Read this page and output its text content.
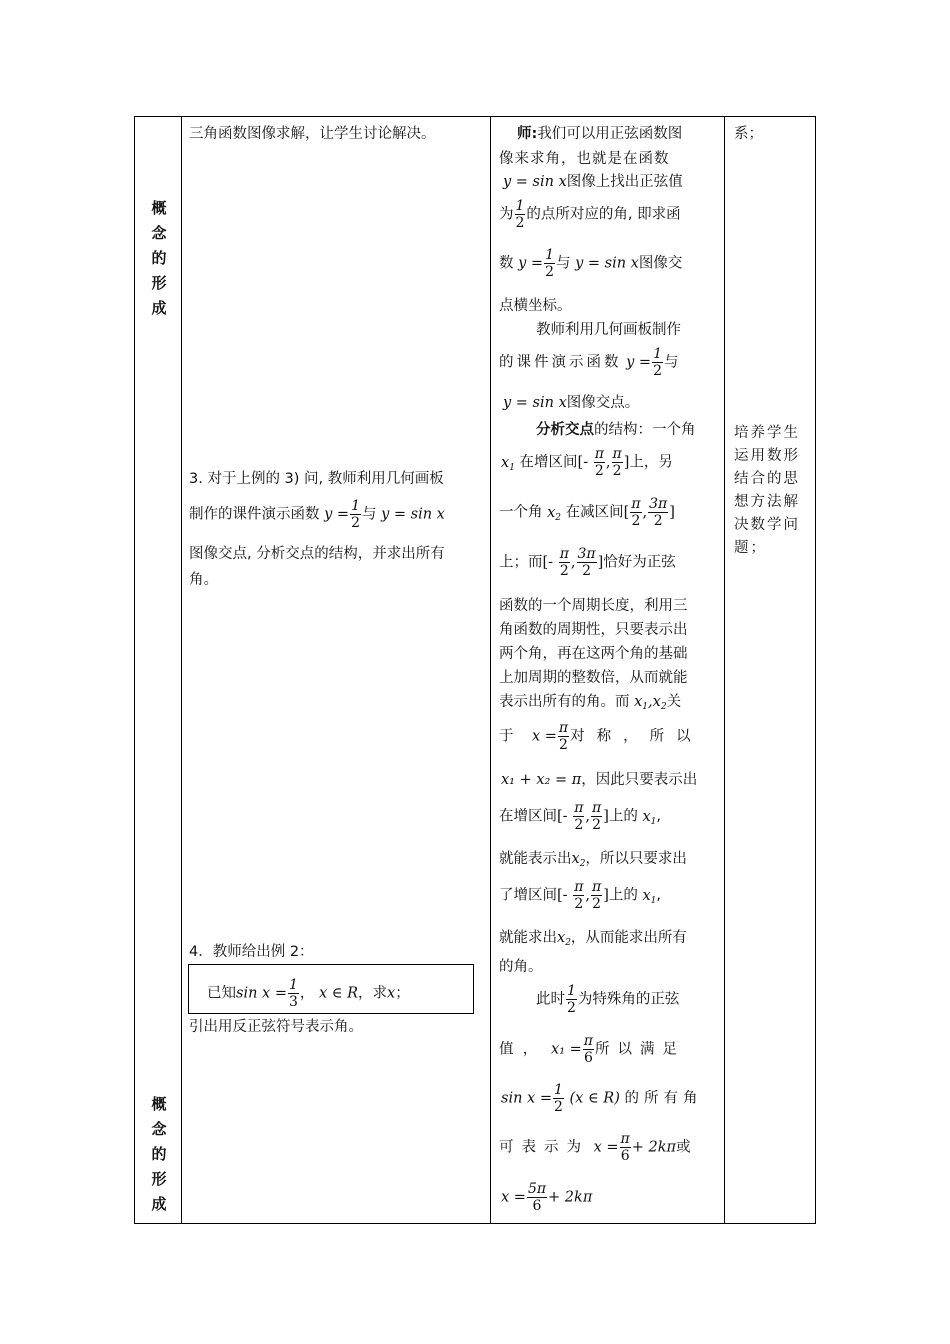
概
念
的
形
成
概
念
的
形
成
三角函数图像求解，让学生讨论解决。
3. 对于上例的 3) 问, 教师利用几何画板
制作的课件演示函数 $y = \frac{1}{2}$ 与 y = sin x
图像交点, 分析交点的结构，并求出所有
角。
4．教师给出例 2：
已知$\sin x = \frac{1}{3}$ ， x ∈ R，求x；
引出用反正弦符号表示角。
师:我们可以用正弦函数图
像来求角，也就是在函数
y = sin x图像上找出正弦值
为 $\frac{1}{2}$ 的点所对应的角, 即求函
数 $y = \frac{1}{2}$ 与 y = sin x图像交
点横坐标。
教师利用几何画板制作
的课件演示函数 $y = \frac{1}{2}$ 与
y = sin x图像交点。
分析交点的结构：一个角
$x_1$ 在增区间[- $\frac{\pi}{2}$ , $\frac{\pi}{2}$ ]上，另
一个角 $x_2$ 在减区间[ $\frac{\pi}{2}$ , $\frac{3\pi}{2}$ ]
上；而[- $\frac{\pi}{2}$ , $\frac{3\pi}{2}$ ]恰好为正弦
函数的一个周期长度，利用三
角函数的周期性，只要表示出
两个角，再在这两个角的基础
上加周期的整数倍，从而就能
表示出所有的角。而 $x_1,x_2$关
于 $x = \frac{\pi}{2}$ 对称，所以
x₁ + x₂ = π，因此只要表示出
在增区间[- $\frac{\pi}{2}$ , $\frac{\pi}{2}$ ]上的 $x_1$,
就能表示出$x_2$，所以只要求出
了增区间[- $\frac{\pi}{2}$ , $\frac{\pi}{2}$ ]上的 $x_1$,
就能求出$x_2$，从而能求出所有
的角。
此时 $\frac{1}{2}$ 为特殊角的正弦
值  ，   $x_1 = \frac{\pi}{6}$ 所以满足
$\sin x = \frac{1}{2} (x$ ∈ R) 的所有角
可表示为 $x = \frac{\pi}{6} + 2k\pi$或
$x = \frac{5\pi}{6} + 2k\pi$
系；
培养学生
运用数形
结合的思
想方法解
决数学问
题；
